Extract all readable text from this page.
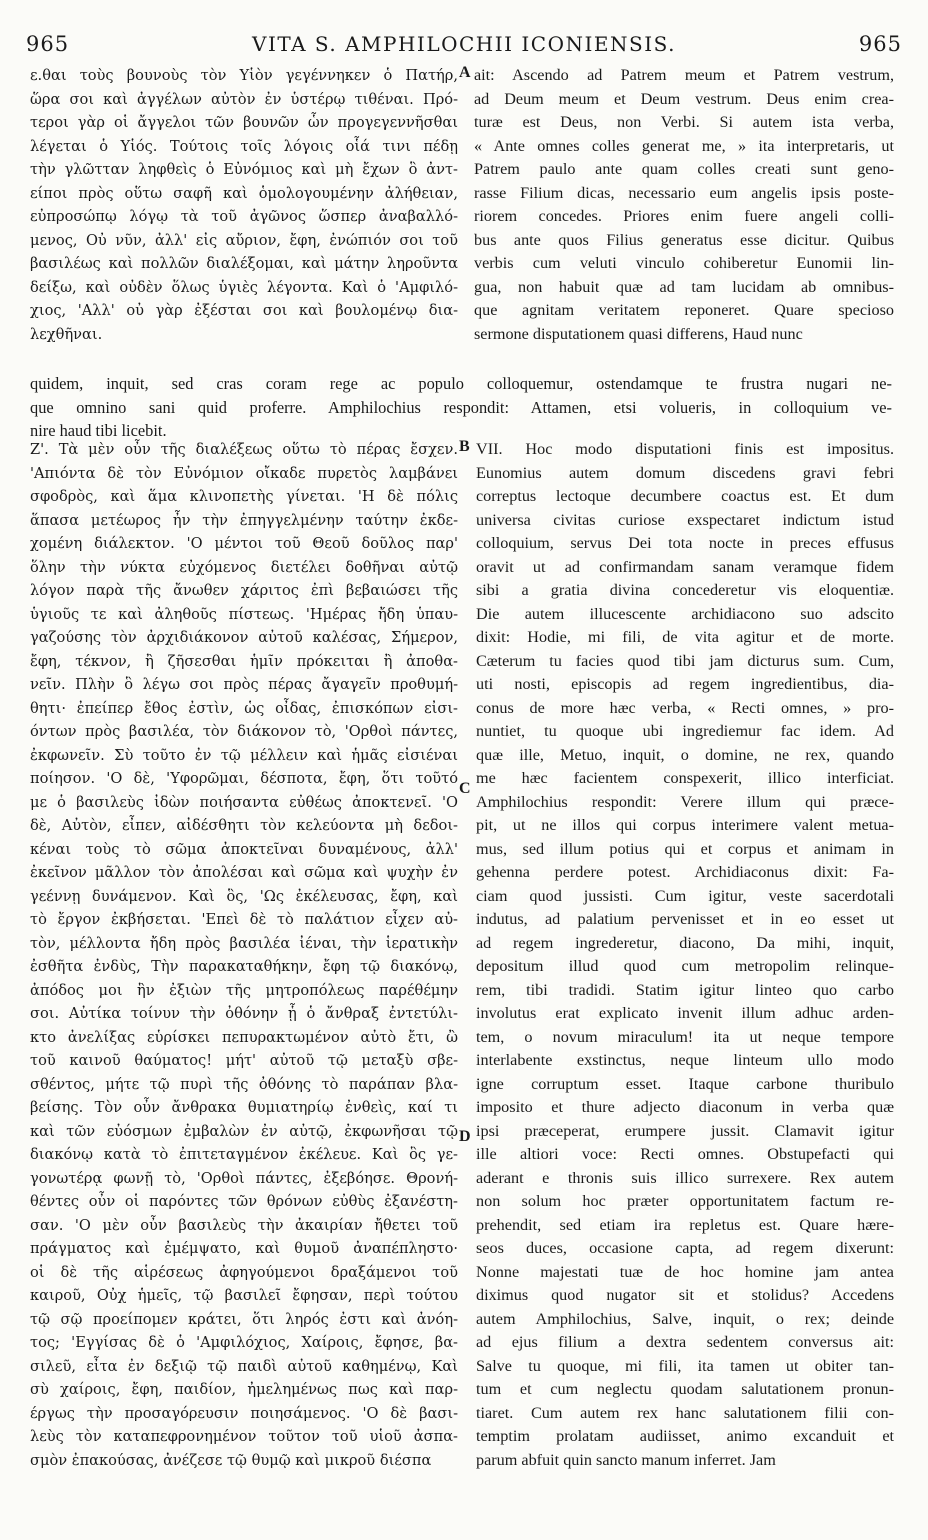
965	VITA S. AMPHILOCHII ICONIENSIS.	965
ε.θαι τοὺς βουνοὺς τὸν Υἱὸν γεγέννηκεν ὁ Πατήρ,
ὥρα σοι καὶ ἀγγέλων αὐτὸν ἐν ὑστέρῳ τιθέναι. Πρό-
τεροι γὰρ οἱ ἄγγελοι τῶν βουνῶν ὧν προγεγεννῆσθαι
λέγεται ὁ Υἱός. Τούτοις τοῖς λόγοις οἷά τινι πέδῃ
τὴν γλῶτταν ληφθεὶς ὁ Εὐνόμιος καὶ μὴ ἔχων ὃ ἀντ-
είποι πρὸς οὕτω σαφῆ καὶ ὁμολογουμένην ἀλήθειαν,
εὐπροσώπῳ λόγῳ τὰ τοῦ ἀγῶνος ὥσπερ ἀναβαλλό-
μενος, Οὐ νῦν, ἀλλ' εἰς αὔριον, ἔφη, ἐνώπιόν σοι τοῦ
βασιλέως καὶ πολλῶν διαλέξομαι, καὶ μάτην ληροῦντα
δείξω, καὶ οὐδὲν ὅλως ὑγιὲς λέγοντα. Καὶ ὁ 'Αμφιλό-
χιος, 'Αλλ' οὐ γὰρ ἐξέσται σοι καὶ βουλομένῳ δια-
λεχθῆναι.
ait: Ascendo ad Patrem meum et Patrem vestrum,
ad Deum meum et Deum vestrum. Deus enim crea-
turæ est Deus, non Verbi. Si autem ista verba,
« Ante omnes colles generat me, » ita interpretaris, ut
Patrem paulo ante quam colles creati sunt geno-
rasse Filium dicas, necessario eum angelis ipsis poste-
riorem concedes. Priores enim fuere angeli colli-
bus ante quos Filius generatus esse dicitur. Quibus
verbis cum veluti vinculo cohiberetur Eunomii lin-
gua, non habuit quæ ad tam lucidam ab omnibus-
que agnitam veritatem reponeret. Quare specioso
sermone disputationem quasi differens, Haud nunc
quidem, inquit, sed cras coram rege ac populo colloquemur, ostendamque te frustra nugari ne-
que omnino sani quid proferre. Amphilochius respondit: Attamen, etsi volueris, in colloquium ve-
nire haud tibi licebit.
Ζ'. Τὰ μὲν οὖν τῆς διαλέξεως οὕτω τὸ πέρας ἔσχεν.
'Απιόντα δὲ τὸν Εὐνόμιον οἴκαδε πυρετὸς λαμβάνει
σφοδρὸς, καὶ ἅμα κλινοπετὴς γίνεται. 'Η δὲ πόλις
ἅπασα μετέωρος ἦν τὴν ἐπηγγελμένην ταύτην ἐκδε-
χομένη διάλεκτον. 'Ο μέντοι τοῦ Θεοῦ δοῦλος παρ'
ὅλην τὴν νύκτα εὐχόμενος διετέλει δοθῆναι αὐτῷ
λόγον παρὰ τῆς ἄνωθεν χάριτος ἐπὶ βεβαιώσει τῆς
ὑγιοῦς τε καὶ ἀληθοῦς πίστεως. 'Ημέρας ἤδη ὑπαυ-
γαζούσης τὸν ἀρχιδιάκονον αὐτοῦ καλέσας, Σήμερον,
ἔφη, τέκνον, ἢ ζῆσεσθαι ἡμῖν πρόκειται ἢ ἀποθα-
νεῖν. Πλὴν ὃ λέγω σοι πρὸς πέρας ἄγαγεῖν προθυμή-
θητι· ἐπείπερ ἔθος ἐστὶν, ὡς οἶδας, ἐπισκόπων εἰσι-
όντων πρὸς βασιλέα, τὸν διάκονον τὸ, 'Ορθοὶ πάντες,
ἐκφωνεῖν. Σὺ τοῦτο ἐν τῷ μέλλειν καὶ ἡμᾶς εἰσιέναι
ποίησον. 'Ο δὲ, 'Υφορῶμαι, δέσποτα, ἔφη, ὅτι τοῦτό
με ὁ βασιλεὺς ἰδὼν ποιήσαντα εὐθέως ἀποκτενεῖ. 'Ο
δὲ, Αὐτὸν, εἶπεν, αἰδέσθητι τὸν κελεύοντα μὴ δεδοι-
κέναι τοὺς τὸ σῶμα ἀποκτεῖναι δυναμένους, ἀλλ'
ἐκεῖνον μᾶλλον τὸν ἀπολέσαι καὶ σῶμα καὶ ψυχὴν ἐν
γεέννῃ δυνάμενον. Καὶ ὃς, 'Ως ἐκέλευσας, ἔφη, καὶ
τὸ ἔργον ἐκβήσεται. 'Επεὶ δὲ τὸ παλάτιον εἶχεν αὐ-
τὸν, μέλλοντα ἤδη πρὸς βασιλέα ἰέναι, τὴν ἱερατικὴν
ἐσθῆτα ἐνδὺς, Τὴν παρακαταθήκην, ἔφη τῷ διακόνῳ,
ἀπόδος μοι ἣν ἐξιὼν τῆς μητροπόλεως παρέθέμην
σοι. Αὐτίκα τοίνυν τὴν ὀθόνην ᾗ ὁ ἄνθραξ ἐντετύλι-
κτο ἀνελίξας εὑρίσκει πεπυρακτωμένον αὐτὸ ἔτι, ὢ
τοῦ καινοῦ θαύματος! μήτ' αὐτοῦ τῷ μεταξὺ σβε-
σθέντος, μήτε τῷ πυρὶ τῆς ὀθόνης τὸ παράπαν βλα-
βείσης. Τὸν οὖν ἄνθρακα θυμιατηρίῳ ἐνθεὶς, καί τι
καὶ τῶν εὐόσμων ἐμβαλὼν ἐν αὐτῷ, ἐκφωνῆσαι τῷ
διακόνῳ κατὰ τὸ ἐπιτεταγμένον ἐκέλευε. Καὶ ὃς γε-
γονωτέρᾳ φωνῇ τὸ, 'Ορθοὶ πάντες, ἐξεβόησε. Θρονή-
θέντες οὖν οἱ παρόντες τῶν θρόνων εὐθὺς ἐξανέστη-
σαν. 'Ο μὲν οὖν βασιλεὺς τὴν ἀκαιρίαν ἤθετει τοῦ
πράγματος καὶ ἐμέμψατο, καὶ θυμοῦ ἀναπέπληστο·
οἱ δὲ τῆς αἱρέσεως ἀφηγούμενοι δραξάμενοι τοῦ
καιροῦ, Οὐχ ἡμεῖς, τῷ βασιλεῖ ἔφησαν, περὶ τούτου
τῷ σῷ προείπομεν κράτει, ὅτι ληρός ἐστι καὶ ἀνόη-
τος; 'Εγγίσας δὲ ὁ 'Αμφιλόχιος, Χαίροις, ἔφησε, βα-
σιλεῦ, εἶτα ἐν δεξιῷ τῷ παιδὶ αὐτοῦ καθημένῳ, Καὶ
σὺ χαίροις, ἔφη, παιδίον, ἠμελημένως πως καὶ παρ-
έργως τὴν προσαγόρευσιν ποιησάμενος. 'Ο δὲ βασι-
λεὺς τὸν καταπεφρονημένον τοῦτον τοῦ υἱοῦ ἀσπα-
σμὸν ἐπακούσας, ἀνέζεσε τῷ θυμῷ καὶ μικροῦ διέσπα
VII. Hoc modo disputationi finis est impositus.
Eunomius autem domum discedens gravi febri
correptus lectoque decumbere coactus est. Et dum
universa civitas curiose exspectaret indictum istud
colloquium, servus Dei tota nocte in preces effusus
oravit ut ad confirmandam sanam veramque fidem
sibi a gratia divina concederetur vis eloquentiæ.
Die autem illucescente archidiacono suo adscito
dixit: Hodie, mi fili, de vita agitur et de morte.
Cæterum tu facies quod tibi jam dicturus sum. Cum,
uti nosti, episcopis ad regem ingredientibus, dia-
conus de more hæc verba, « Recti omnes, » pro-
nuntiet, tu quoque ubi ingrediemur fac idem. Ad
quæ ille, Metuo, inquit, o domine, ne rex, quando
me hæc facientem conspexerit, illico interficiat.
Amphilochius respondit: Verere illum qui præce-
pit, ut ne illos qui corpus interimere valent metua-
mus, sed illum potius qui et corpus et animam in
gehenna perdere potest. Archidiaconus dixit: Fa-
ciam quod jussisti. Cum igitur, veste sacerdotali
indutus, ad palatium pervenisset et in eo esset ut
ad regem ingrederetur, diacono, Da mihi, inquit,
depositum illud quod cum metropolim relinque-
rem, tibi tradidi. Statim igitur linteo quo carbo
involutus erat explicato invenit illum adhuc arden-
tem, o novum miraculum! ita ut neque tempore
interlabente exstinctus, neque linteum ullo modo
igne corruptum esset. Itaque carbone thuribulo
imposito et thure adjecto diaconum in verba quæ
ipsi præceperat, erumpere jussit. Clamavit igitur
ille altiori voce: Recti omnes. Obstupefacti qui
aderant e thronis suis illico surrexere. Rex autem
non solum hoc præter opportunitatem factum re-
prehendit, sed etiam ira repletus est. Quare hære-
seos duces, occasione capta, ad regem dixerunt:
Nonne majestati tuæ de hoc homine jam antea
diximus quod nugator sit et stolidus? Accedens
autem Amphilochius, Salve, inquit, o rex; deinde
ad ejus filium a dextra sedentem conversus ait:
Salve tu quoque, mi fili, ita tamen ut obiter tan-
tum et cum neglectu quodam salutationem pronun-
tiaret. Cum autem rex hanc salutationem filii con-
temptim prolatam audiisset, animo excanduit et
parum abfuit quin sancto manum inferret. Jam
A
B
C
D
